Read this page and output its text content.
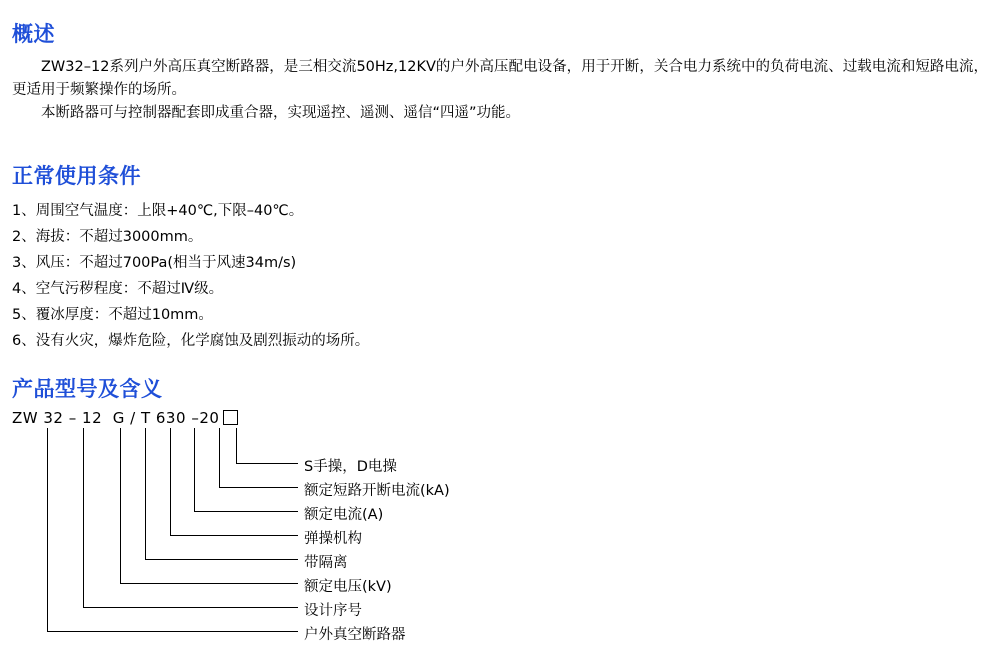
概述
ZW32–12系列户外高压真空断路器，是三相交流50Hz,12KV的户外高压配电设备，用于开断，关合电力系统中的负荷电流、过载电流和短路电流，更适用于频繁操作的场所。
本断路器可与控制器配套即成重合器，实现遥控、遥测、遥信“四遥”功能。
正常使用条件
1、周围空气温度：上限+40℃,下限–40℃。
2、海拔：不超过3000mm。
3、风压：不超过700Pa(相当于风速34m/s)
4、空气污秽程度：不超过Ⅳ级。
5、覆冰厚度：不超过10mm。
6、没有火灾，爆炸危险，化学腐蚀及剧烈振动的场所。
产品型号及含义
ZW 32 – 12 G / T 630 –20
S手操，D电操
额定短路开断电流(kA)
额定电流(A)
弹操机构
带隔离
额定电压(kV)
设计序号
户外真空断路器
